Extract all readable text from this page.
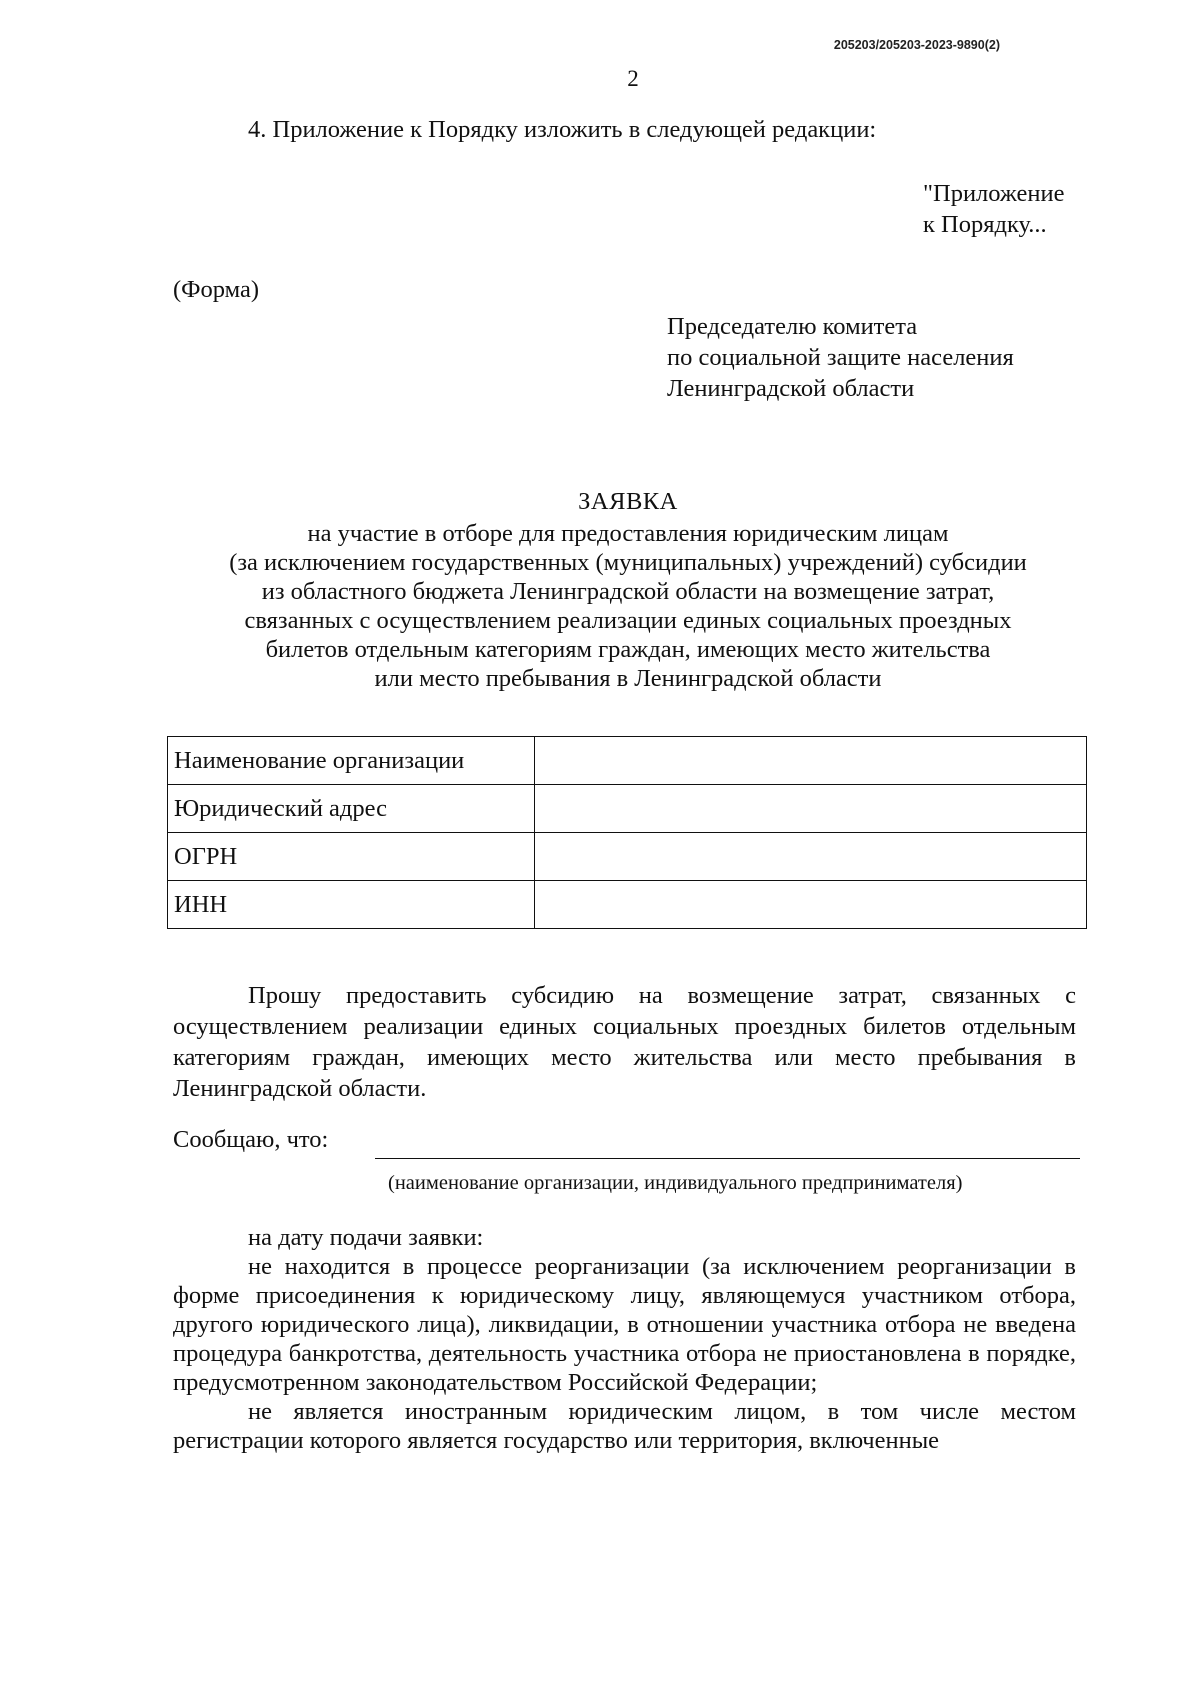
205203/205203-2023-9890(2)
2
4. Приложение к Порядку изложить в следующей редакции:
"Приложение
к Порядку...
(Форма)
Председателю комитета
по социальной защите населения
Ленинградской области
ЗАЯВКА
на участие в отборе для предоставления юридическим лицам
(за исключением государственных (муниципальных) учреждений) субсидии
из областного бюджета Ленинградской области на возмещение затрат,
связанных с осуществлением реализации единых социальных проездных
билетов отдельным категориям граждан, имеющих место жительства
или место пребывания в Ленинградской области
Наименование организации	
Юридический адрес	
ОГРН	
ИНН	
Прошу предоставить субсидию на возмещение затрат, связанных с осуществлением реализации единых социальных проездных билетов отдельным категориям граждан, имеющих место жительства или место пребывания в Ленинградской области.
Сообщаю, что:
(наименование организации, индивидуального предпринимателя)

на дату подачи заявки:

не находится в процессе реорганизации (за исключением реорганизации в форме присоединения к юридическому лицу, являющемуся участником отбора, другого юридического лица), ликвидации, в отношении участника отбора не введена процедура банкротства, деятельность участника отбора не приостановлена в порядке, предусмотренном законодательством Российской Федерации;

не является иностранным юридическим лицом, в том числе местом регистрации которого является государство или территория, включенные
